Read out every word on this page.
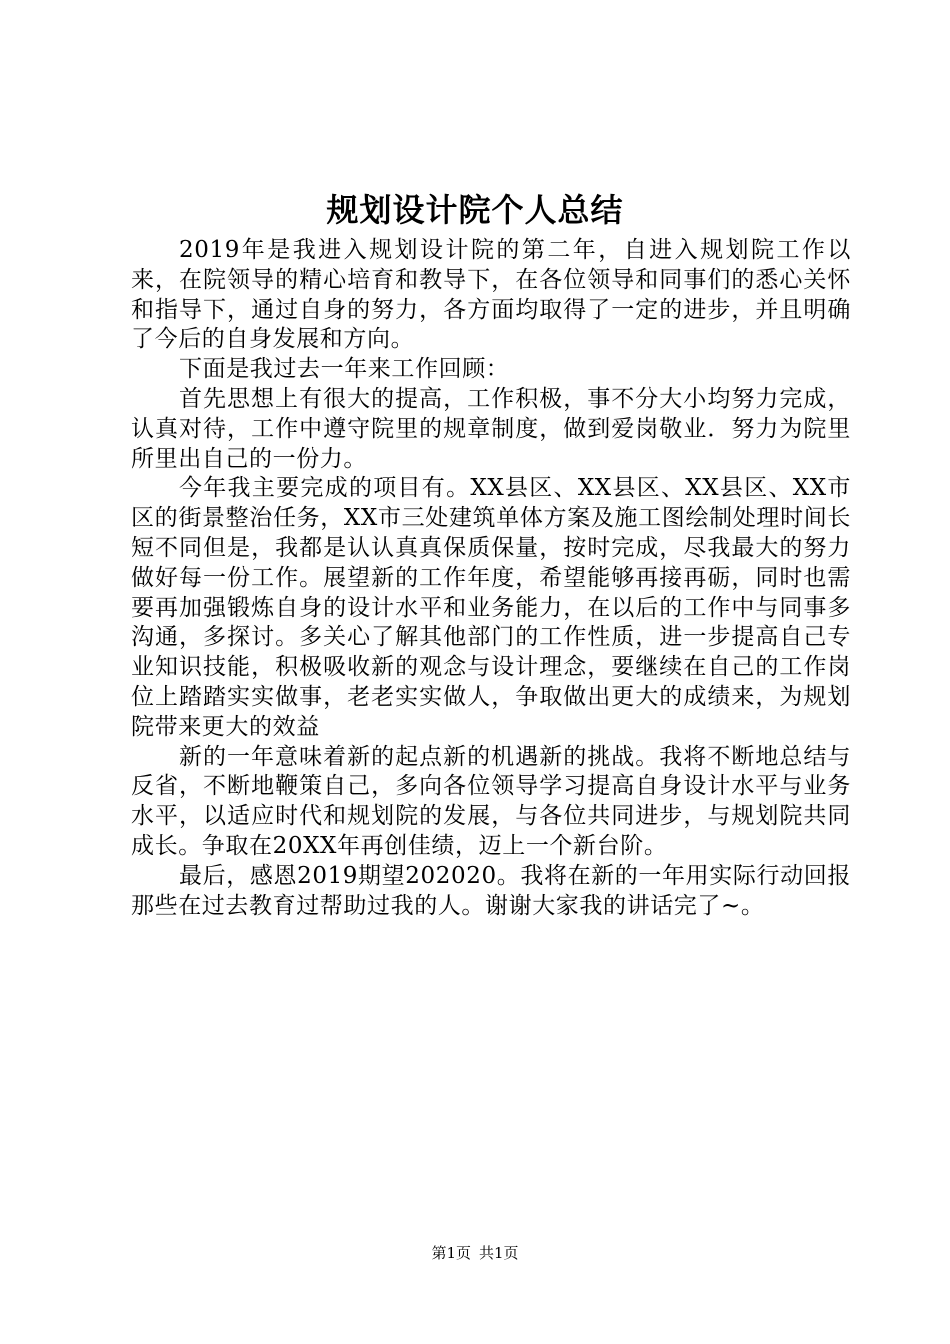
规划设计院个人总结

2019年是我进入规划设计院的第二年，自进入规划院工作以来，在院领导的精心培育和教导下，在各位领导和同事们的悉心关怀和指导下，通过自身的努力，各方面均取得了一定的进步，并且明确了今后的自身发展和方向。

下面是我过去一年来工作回顾：

首先思想上有很大的提高，工作积极，事不分大小均努力完成，认真对待，工作中遵守院里的规章制度，做到爱岗敬业．努力为院里所里出自己的一份力。

今年我主要完成的项目有。XX县区、XX县区、XX县区、XX市区的街景整治任务，XX市三处建筑单体方案及施工图绘制处理时间长短不同但是，我都是认认真真保质保量，按时完成，尽我最大的努力做好每一份工作。展望新的工作年度，希望能够再接再砺，同时也需要再加强锻炼自身的设计水平和业务能力，在以后的工作中与同事多沟通，多探讨。多关心了解其他部门的工作性质，进一步提高自己专业知识技能，积极吸收新的观念与设计理念，要继续在自己的工作岗位上踏踏实实做事，老老实实做人，争取做出更大的成绩来，为规划院带来更大的效益

新的一年意味着新的起点新的机遇新的挑战。我将不断地总结与反省，不断地鞭策自己，多向各位领导学习提高自身设计水平与业务水平，以适应时代和规划院的发展，与各位共同进步，与规划院共同成长。争取在20XX年再创佳绩，迈上一个新台阶。

最后，感恩2019期望202020。我将在新的一年用实际行动回报那些在过去教育过帮助过我的人。谢谢大家我的讲话完了~。

第1页 共1页
